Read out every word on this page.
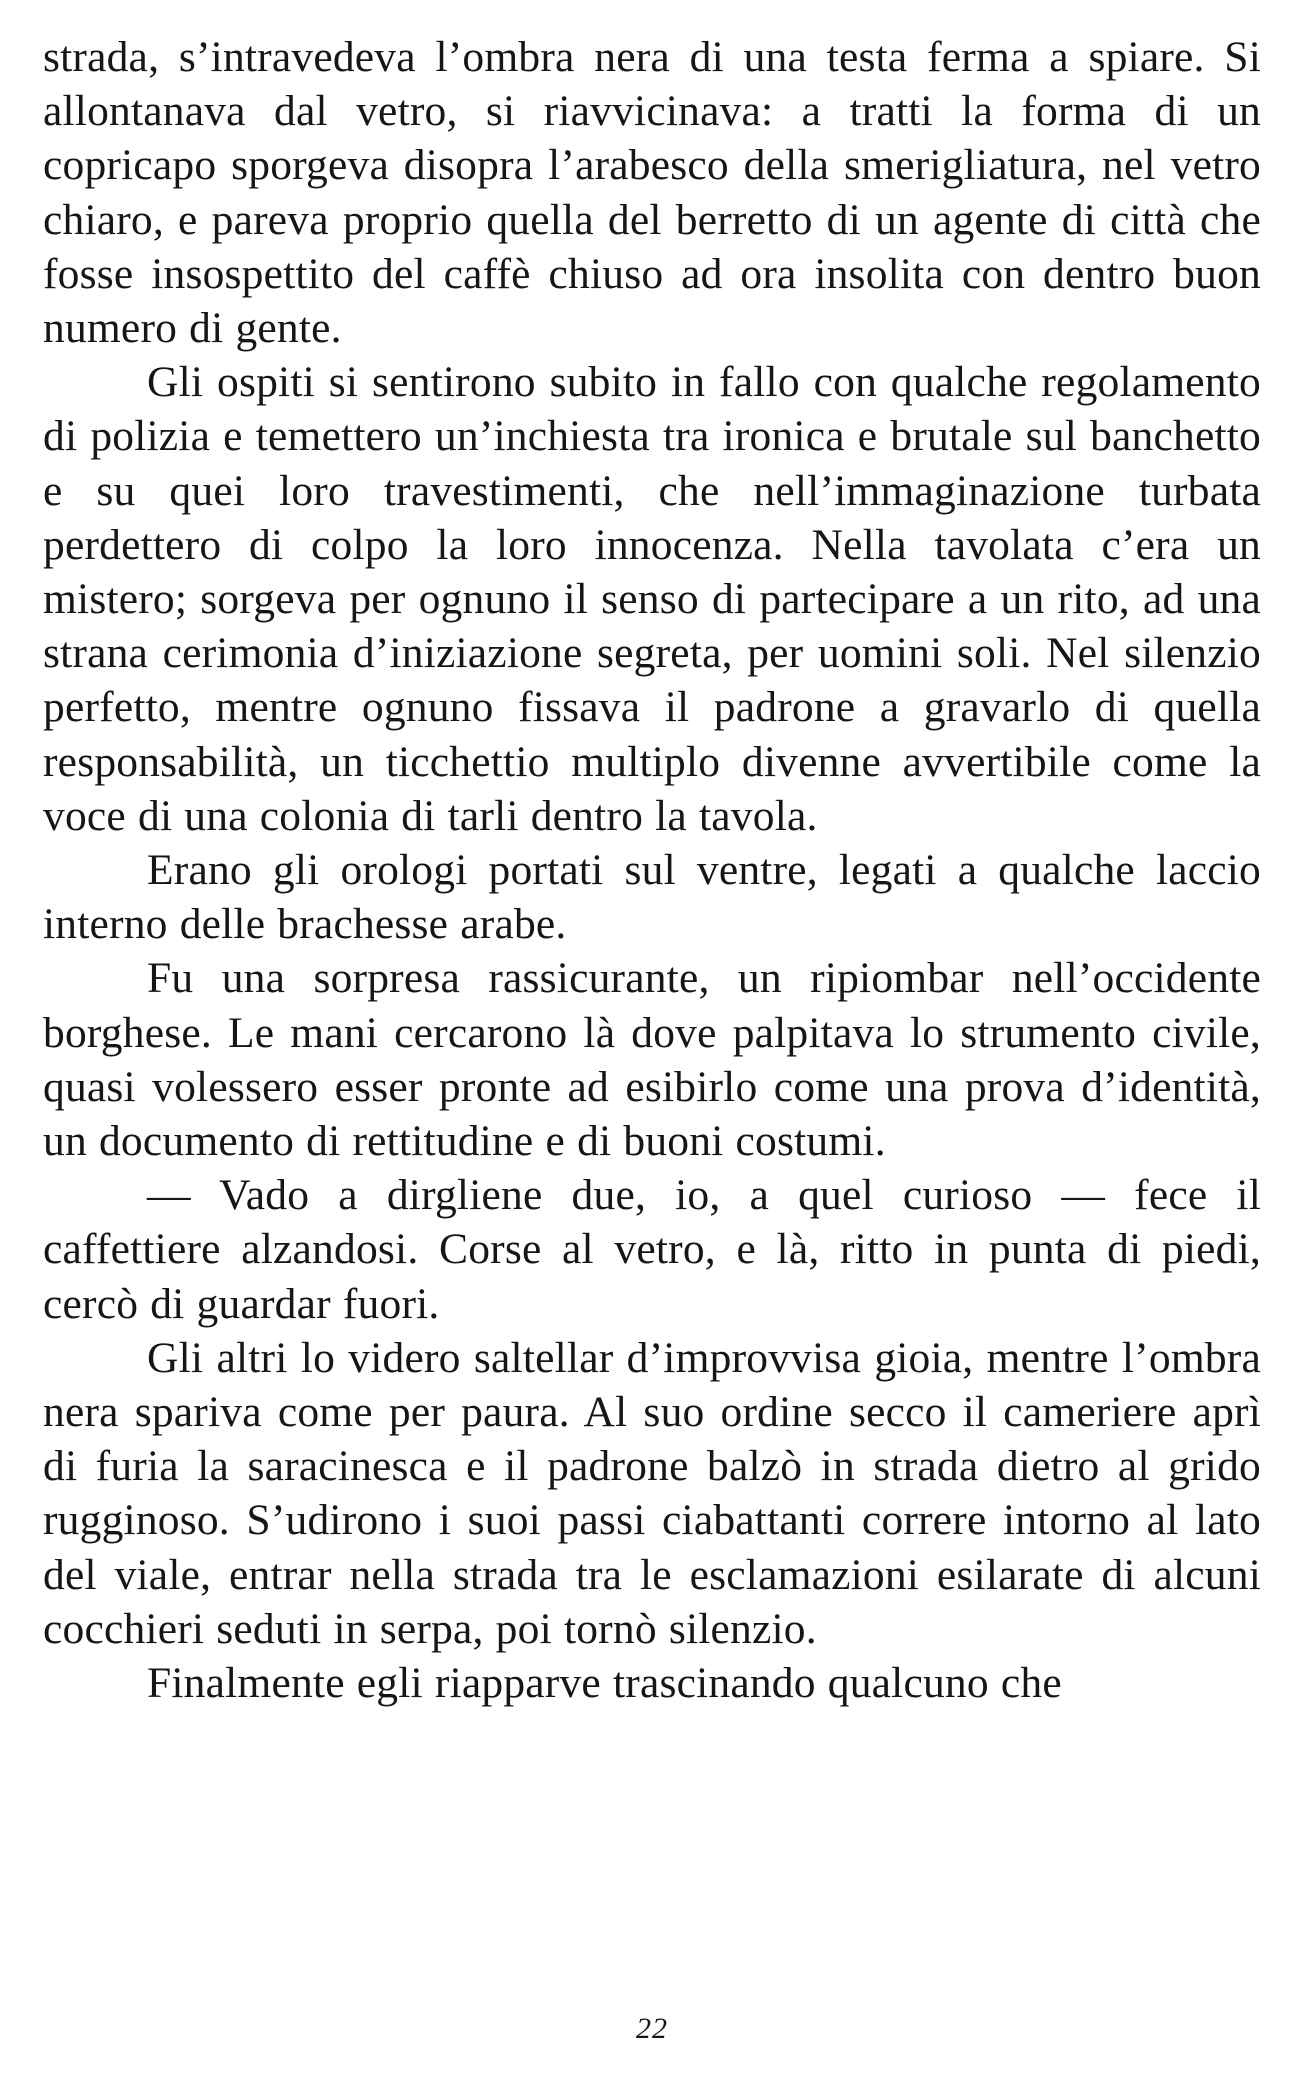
strada, s’intravedeva l’ombra nera di una testa ferma a spiare. Si allontanava dal vetro, si riavvicinava: a tratti la forma di un copricapo sporgeva disopra l’arabesco della smerigliatura, nel vetro chiaro, e pareva proprio quella del berretto di un agente di città che fosse insospettito del caffè chiuso ad ora insolita con dentro buon numero di gente.

Gli ospiti si sentirono subito in fallo con qualche regolamento di polizia e temettero un’inchiesta tra ironica e brutale sul banchetto e su quei loro travestimenti, che nell’immaginazione turbata perdettero di colpo la loro innocenza. Nella tavolata c’era un mistero; sorgeva per ognuno il senso di partecipare a un rito, ad una strana cerimonia d’iniziazione segreta, per uomini soli. Nel silenzio perfetto, mentre ognuno fissava il padrone a gravarlo di quella responsabilità, un ticchettio multiplo divenne avvertibile come la voce di una colonia di tarli dentro la tavola.

Erano gli orologi portati sul ventre, legati a qualche laccio interno delle brachesse arabe.

Fu una sorpresa rassicurante, un ripiombar nell’occidente borghese. Le mani cercarono là dove palpitava lo strumento civile, quasi volessero esser pronte ad esibirlo come una prova d’identità, un documento di rettitudine e di buoni costumi.

— Vado a dirgliene due, io, a quel curioso — fece il caffettiere alzandosi. Corse al vetro, e là, ritto in punta di piedi, cercò di guardar fuori.

Gli altri lo videro saltellar d’improvvisa gioia, mentre l’ombra nera spariva come per paura. Al suo ordine secco il cameriere aprì di furia la saracinesca e il padrone balzò in strada dietro al grido rugginoso. S’udirono i suoi passi ciabattanti correre intorno al lato del viale, entrar nella strada tra le esclamazioni esilarate di alcuni cocchieri seduti in serpa, poi tornò silenzio.

Finalmente egli riapparve trascinando qualcuno che

22
